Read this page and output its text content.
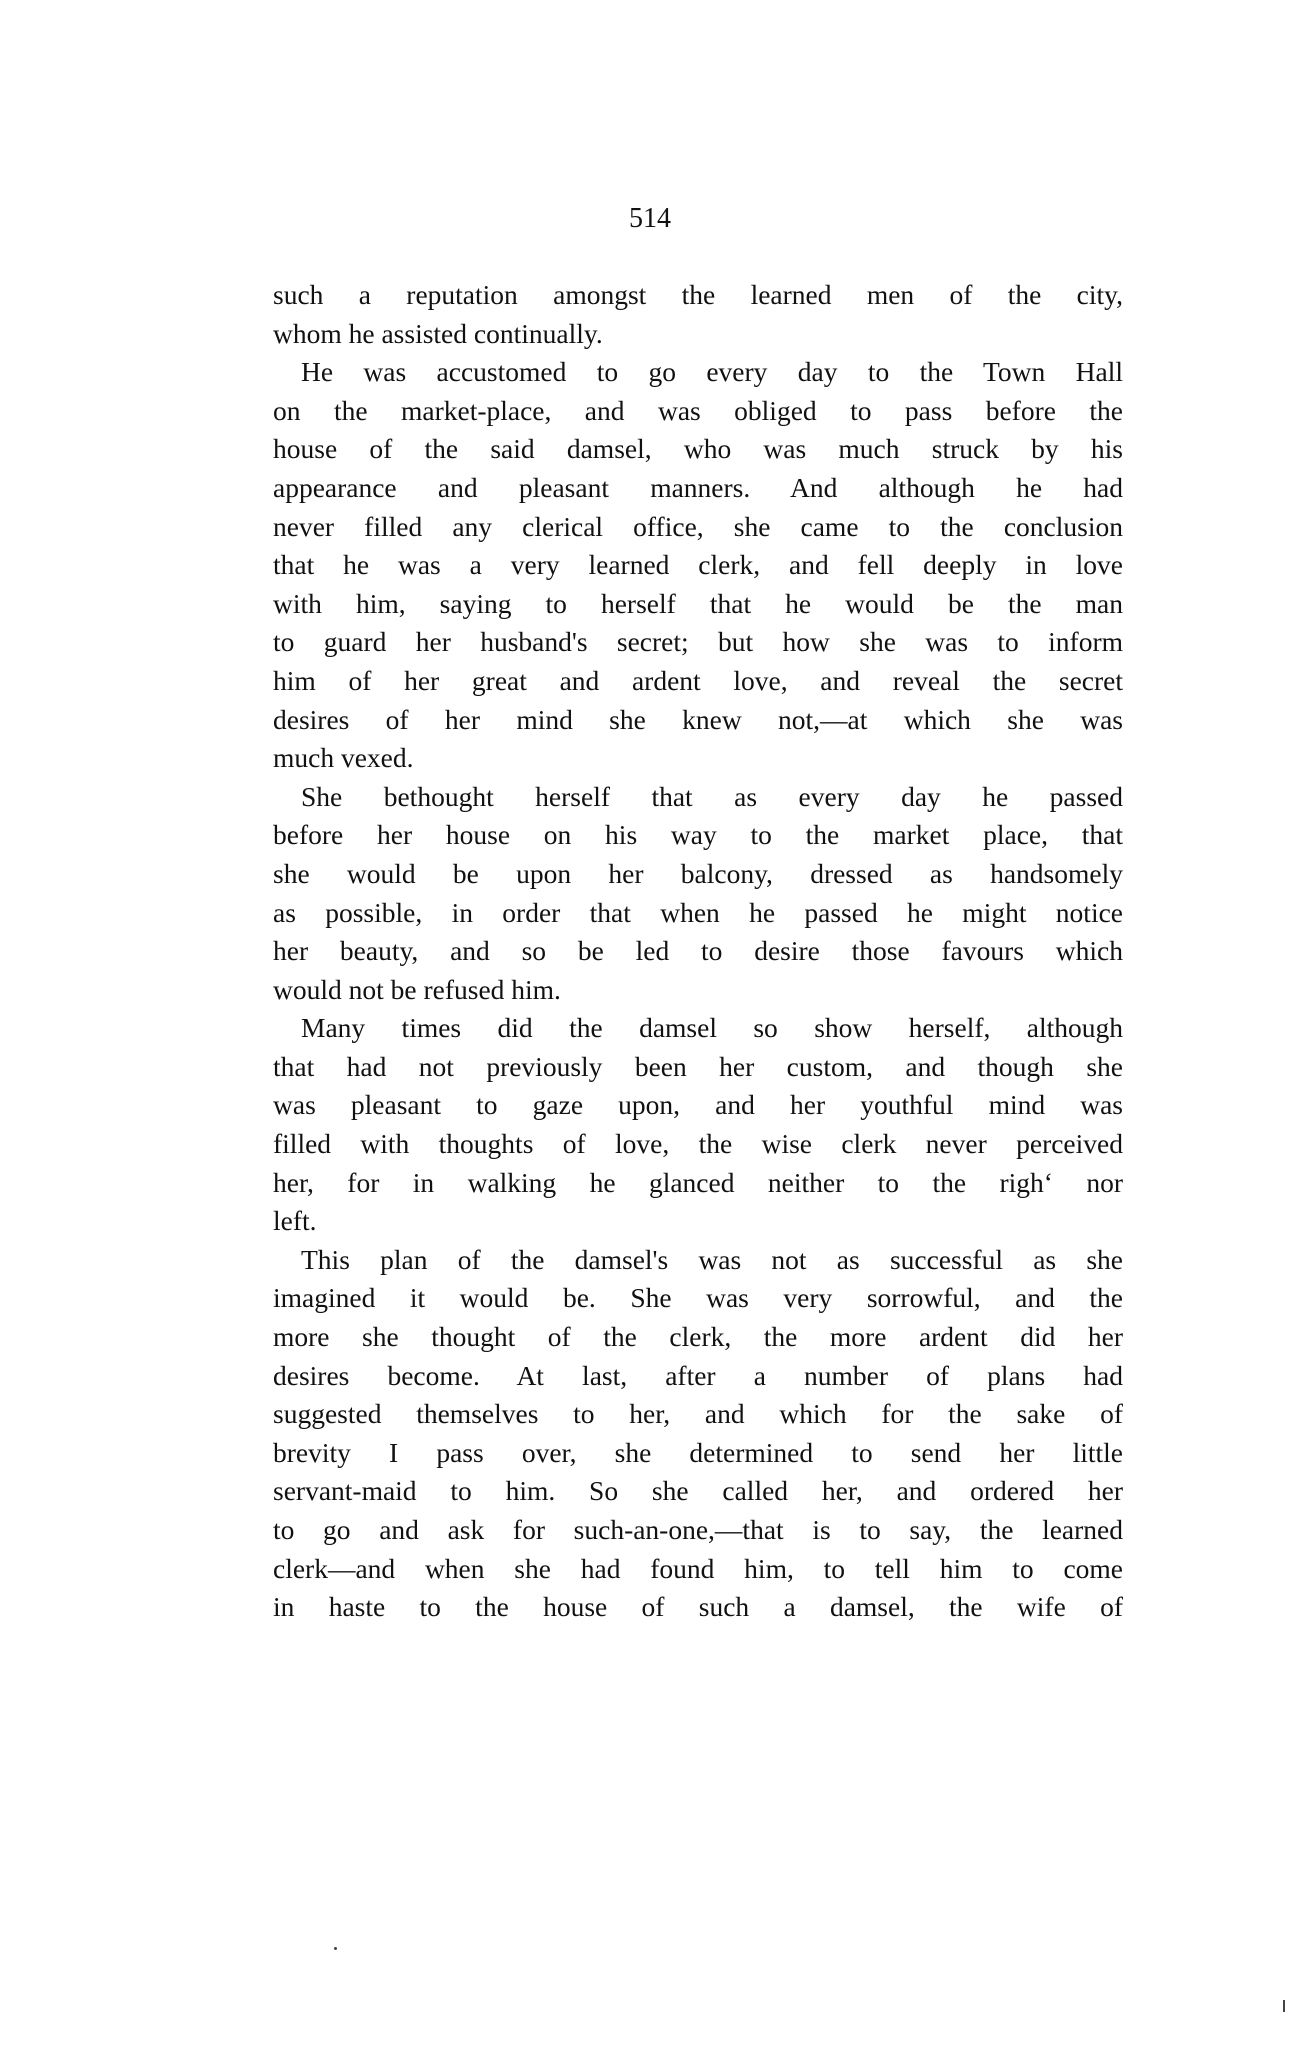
514
such a reputation amongst the learned men of the city,
whom he assisted continually.
He was accustomed to go every day to the Town Hall
on the market-place, and was obliged to pass before the
house of the said damsel, who was much struck by his
appearance and pleasant manners. And although he had
never filled any clerical office, she came to the conclusion
that he was a very learned clerk, and fell deeply in love
with him, saying to herself that he would be the man
to guard her husband's secret; but how she was to inform
him of her great and ardent love, and reveal the secret
desires of her mind she knew not,—at which she was
much vexed.
She bethought herself that as every day he passed
before her house on his way to the market place, that
she would be upon her balcony, dressed as handsomely
as possible, in order that when he passed he might notice
her beauty, and so be led to desire those favours which
would not be refused him.
Many times did the damsel so show herself, although
that had not previously been her custom, and though she
was pleasant to gaze upon, and her youthful mind was
filled with thoughts of love, the wise clerk never perceived
her, for in walking he glanced neither to the righ‘ nor
left.
This plan of the damsel's was not as successful as she
imagined it would be. She was very sorrowful, and the
more she thought of the clerk, the more ardent did her
desires become. At last, after a number of plans had
suggested themselves to her, and which for the sake of
brevity I pass over, she determined to send her little
servant-maid to him. So she called her, and ordered her
to go and ask for such-an-one,—that is to say, the learned
clerk—and when she had found him, to tell him to come
in haste to the house of such a damsel, the wife of
